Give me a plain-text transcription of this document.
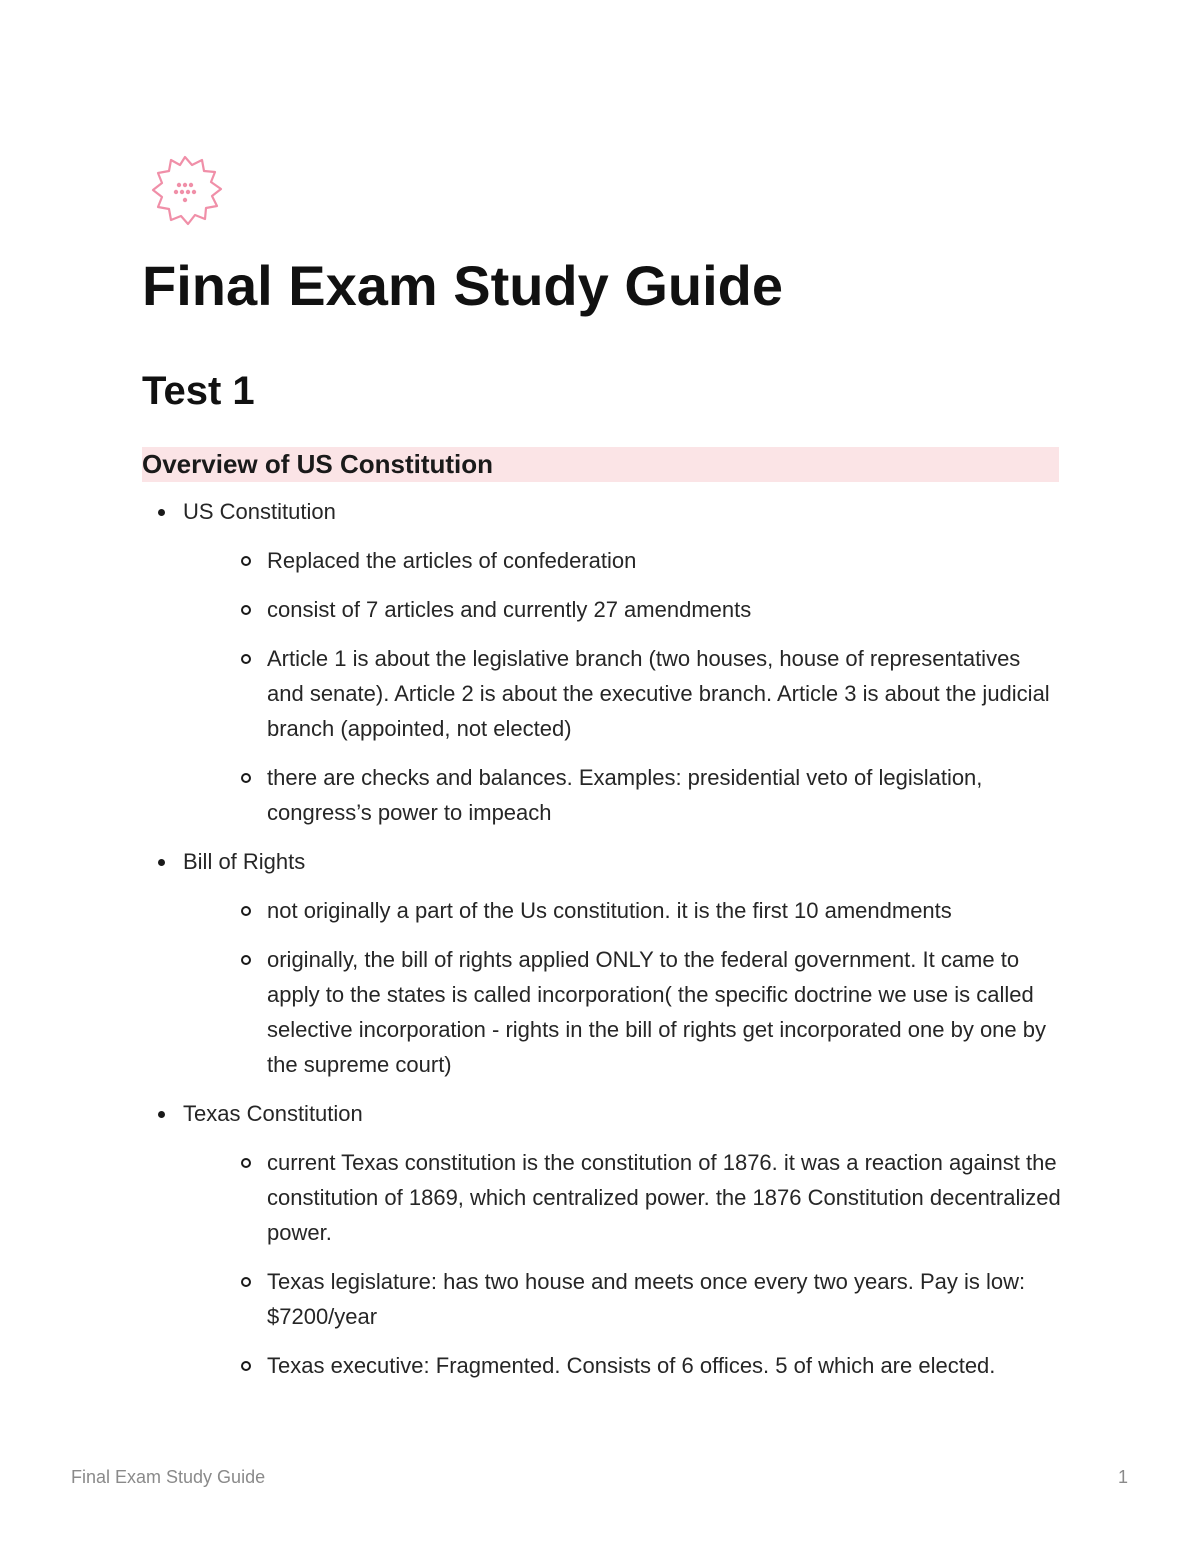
Final Exam Study Guide
Test 1
Overview of US Constitution
US Constitution
Replaced the articles of confederation
consist of 7 articles and currently 27 amendments
Article 1 is about the legislative branch (two houses, house of representatives and senate). Article 2 is about the executive branch. Article 3 is about the judicial branch (appointed, not elected)
there are checks and balances. Examples: presidential veto of legislation, congress’s power to impeach
Bill of Rights
not originally a part of the Us constitution. it is the first 10 amendments
originally, the bill of rights applied ONLY to the federal government. It came to apply to the states is called incorporation( the specific doctrine we use is called selective incorporation - rights in the bill of rights get incorporated one by one by the supreme court)
Texas Constitution
current Texas constitution is the constitution of 1876. it was a reaction against the constitution of 1869, which centralized power. the 1876 Constitution decentralized power.
Texas legislature: has two house and meets once every two years. Pay is low: $7200/year
Texas executive: Fragmented. Consists of 6 offices. 5 of which are elected.
Final Exam Study Guide	1
